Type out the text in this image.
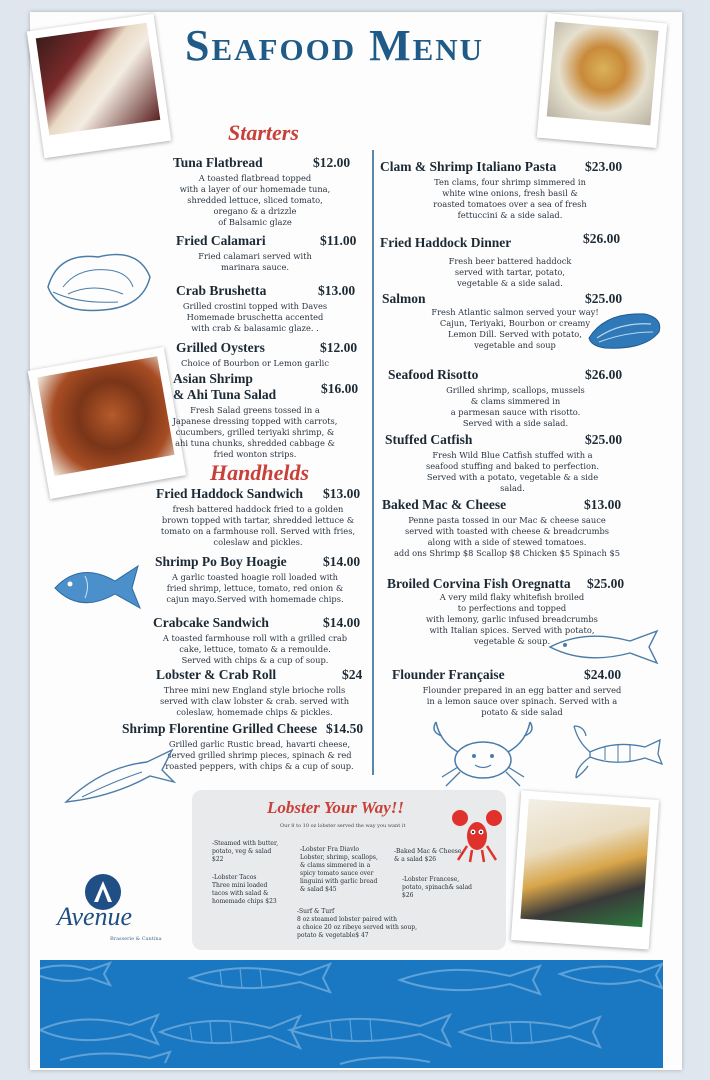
Seafood Menu
Starters
Handhelds
Tuna Flatbread	$12.00
A toasted flatbread topped
with a layer of our homemade tuna,
shredded lettuce, sliced tomato,
oregano & a drizzle
of Balsamic glaze
Fried Calamari	$11.00
Fried calamari served with
marinara sauce.
Crab Brushetta	$13.00
Grilled crostini topped with Daves
Homemade bruschetta accented
with crab & balasamic glaze. .
Grilled Oysters	$12.00
Choice of Bourbon or Lemon garlic
Asian Shrimp
& Ahi Tuna Salad	$16.00
Fresh Salad greens tossed in a
Japanese dressing topped with carrots,
cucumbers, grilled teriyaki shrimp, &
ahi tuna chunks, shredded cabbage &
fried wonton strips.
Fried Haddock Sandwich	$13.00
fresh battered haddock fried to a golden
brown topped with tartar, shredded lettuce &
tomato on a farmhouse roll. Served with fries,
coleslaw and pickles.
Shrimp Po Boy Hoagie	$14.00
A garlic toasted hoagie roll loaded with
fried shrimp, lettuce, tomato, red onion &
cajun mayo.Served with homemade chips.
Crabcake Sandwich	$14.00
A toasted farmhouse roll with a grilled crab
cake, lettuce, tomato & a remoulde.
Served with chips & a cup of soup.
Lobster & Crab Roll	$24
Three mini new England style brioche rolls
served with claw lobster & crab. served with
coleslaw, homemade chips & pickles.
Shrimp Florentine Grilled Cheese $14.50
Grilled garlic Rustic bread, havarti cheese,
served grilled shrimp pieces, spinach & red
roasted peppers, with chips & a cup of soup.
Clam & Shrimp Italiano Pasta	$23.00
Ten clams, four shrimp simmered in
white wine onions, fresh basil &
roasted tomatoes over a sea of fresh
fettuccini & a side salad.
Fried Haddock Dinner	$26.00
Fresh beer battered haddock
served with tartar, potato,
vegetable & a side salad.
Salmon	$25.00
Fresh Atlantic salmon served your way!
Cajun, Teriyaki, Bourbon or creamy
Lemon Dill. Served with potato,
vegetable and soup
Seafood Risotto	$26.00
Grilled shrimp, scallops, mussels
& clams simmered in
a parmesan sauce with risotto.
Served with a side salad.
Stuffed Catfish	$25.00
Fresh Wild Blue Catfish stuffed with a
seafood stuffing and baked to perfection.
Served with a potato, vegetable & a side
salad.
Baked Mac & Cheese	$13.00
Penne pasta tossed in our Mac & cheese sauce
served with toasted with cheese & breadcrumbs
along with a side of stewed tomatoes.
add ons Shrimp $8 Scallop $8 Chicken $5 Spinach $5
Broiled Corvina Fish Oregnatta	$25.00
A very mild flaky whitefish broiled
to perfections and topped
with lemony, garlic infused breadcrumbs
with Italian spices. Served with potato,
vegetable & soup.
Flounder Française	$24.00
Flounder prepared in an egg batter and served
in a lemon sauce over spinach. Served with a
potato & side salad
Lobster Your Way!!
Our 8 to 10 oz lobster served the way you want it
-Steamed with butter,
potato, veg & salad
$22
-Lobster Fra Diavlo
Lobster, shrimp, scallops,
& clams simmered in a
spicy tomato sauce over
linguini with garlic bread
& salad $45
-Baked Mac & Cheese,
& a salad $26
-Lobster Tacos
Three mini loaded
tacos with salad &
homemade chips $23
-Lobster Francese,
potato, spinach& salad
$26
-Surf & Turf
8 oz steamed lobster paired with
a choice 20 oz ribeye served with soup,
potato & vegetable$ 47
Avenue
Brasserie & Cantina
